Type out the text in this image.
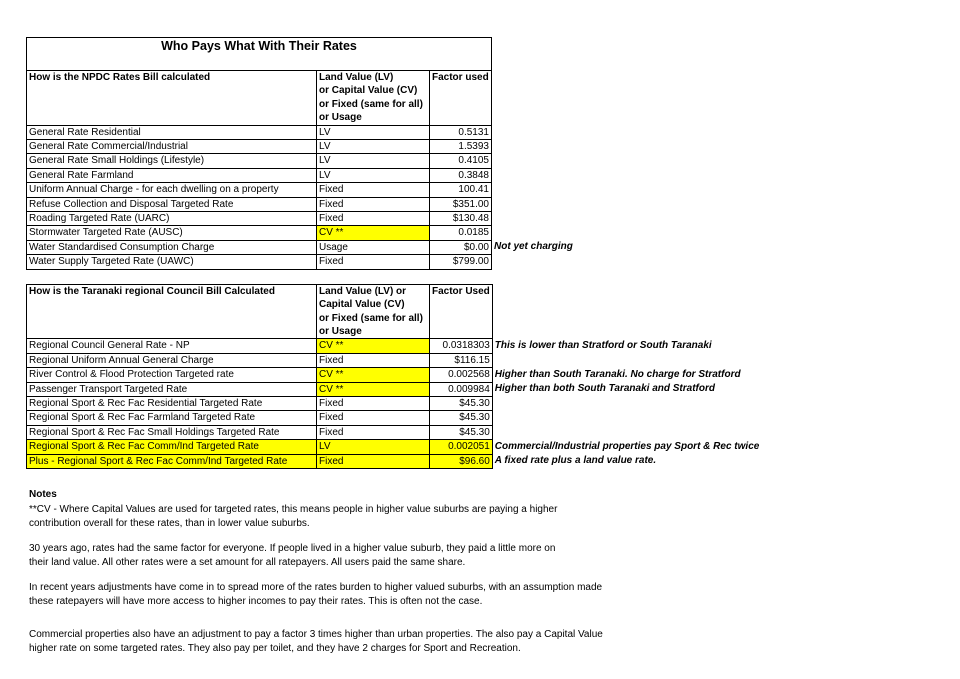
Who Pays What With Their Rates			
How is the NPDC Rates Bill calculated	Land Value (LV)
or Capital Value (CV)
or Fixed (same for all)
or Usage	Factor used	
General Rate Residential	LV	0.5131	
General Rate Commercial/Industrial	LV	1.5393	
General Rate Small Holdings (Lifestyle)	LV	0.4105	
General Rate Farmland	LV	0.3848	
Uniform Annual Charge - for each dwelling on a property	Fixed	100.41	
Refuse Collection and Disposal Targeted Rate	Fixed	$351.00	
Roading Targeted Rate (UARC)	Fixed	$130.48	
Stormwater Targeted Rate (AUSC)	CV **	0.0185	
Water Standardised Consumption Charge	Usage	$0.00	Not yet charging
Water Supply Targeted Rate (UAWC)	Fixed	$799.00	
How is the Taranaki regional Council Bill Calculated	Land Value (LV) or
Capital Value (CV)
or Fixed (same for all)
or Usage	Factor Used	
Regional Council General Rate - NP	CV **	0.0318303	This is lower than Stratford or South Taranaki
Regional Uniform Annual General Charge	Fixed	$116.15	
River Control & Flood Protection Targeted rate	CV **	0.002568	Higher than South Taranaki. No charge for Stratford
Passenger Transport Targeted Rate	CV **	0.009984	Higher than both South Taranaki and Stratford
Regional Sport & Rec Fac Residential Targeted Rate	Fixed	$45.30	
Regional Sport & Rec Fac Farmland Targeted Rate	Fixed	$45.30	
Regional Sport & Rec Fac Small Holdings Targeted Rate	Fixed	$45.30	
Regional Sport & Rec Fac Comm/Ind Targeted Rate	LV	0.002051	Commercial/Industrial properties pay Sport & Rec twice
Plus - Regional Sport & Rec Fac Comm/Ind Targeted Rate	Fixed	$96.60	A fixed rate plus a land value rate.

Notes

**CV - Where Capital Values are used for targeted rates, this means people in higher value suburbs are paying a higher
contribution overall for these rates, than in lower value suburbs.

30 years ago, rates had the same factor for everyone. If people lived in a higher value suburb, they paid a little more on
their land value. All other rates were a set amount for all ratepayers. All users paid the same share.

In recent years adjustments have come in to spread more of the rates burden to higher valued suburbs, with an assumption made
these ratepayers will have more access to higher incomes to pay their rates. This is often not the case.

Commercial properties also have an adjustment to pay a factor 3 times higher than urban properties. The also pay a Capital Value
higher rate on some targeted rates. They also pay per toilet, and they have 2 charges for Sport and Recreation.
